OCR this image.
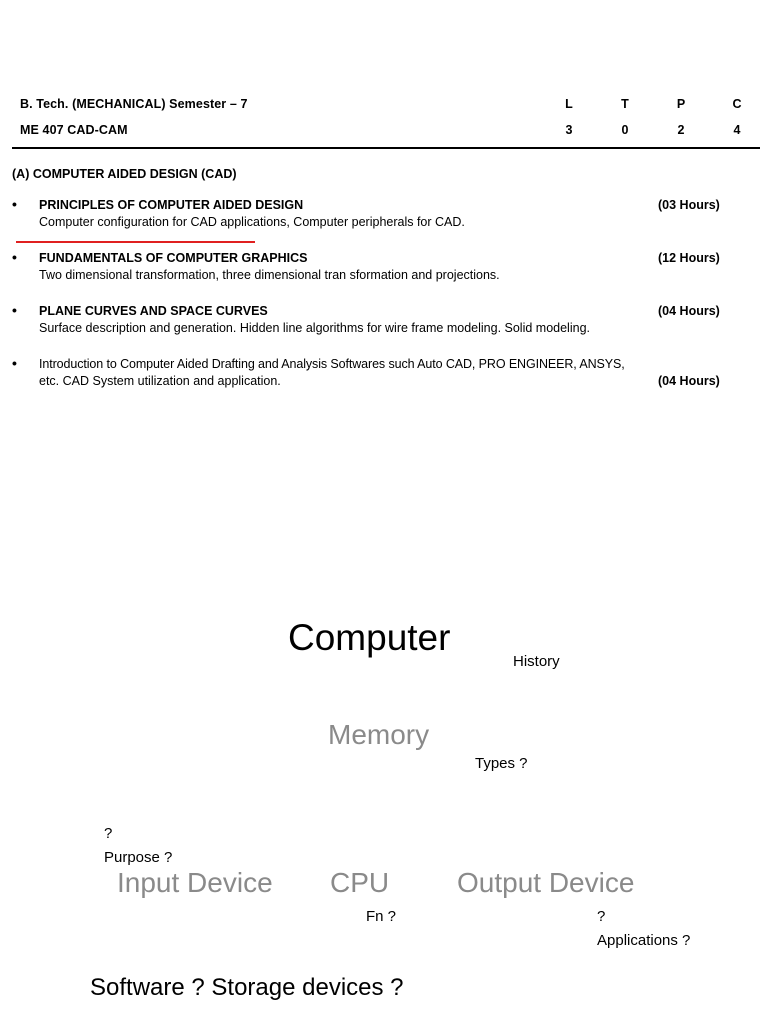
B. Tech. (MECHANICAL) Semester – 7
ME 407 CAD-CAM
L	T	P	C
3	0	2	4
(A) COMPUTER AIDED DESIGN (CAD)
• PRINCIPLES OF COMPUTER AIDED DESIGN	(03 Hours)
Computer configuration for CAD applications, Computer peripherals for CAD.
• FUNDAMENTALS OF COMPUTER GRAPHICS	(12 Hours)
Two dimensional transformation, three dimensional tran sformation and projections.
• PLANE CURVES AND SPACE CURVES	(04 Hours)
Surface description and generation. Hidden line algorithms for wire frame modeling. Solid modeling.
• Introduction to Computer Aided Drafting and Analysis Softwares such Auto CAD, PRO ENGINEER, ANSYS,
etc. CAD System utilization and application.	(04 Hours)
Computer
History
Memory
Types ?
?
Purpose ?
Input Device CPU Output Device
Fn ?	?
Applications ?
Software ? Storage devices ?
